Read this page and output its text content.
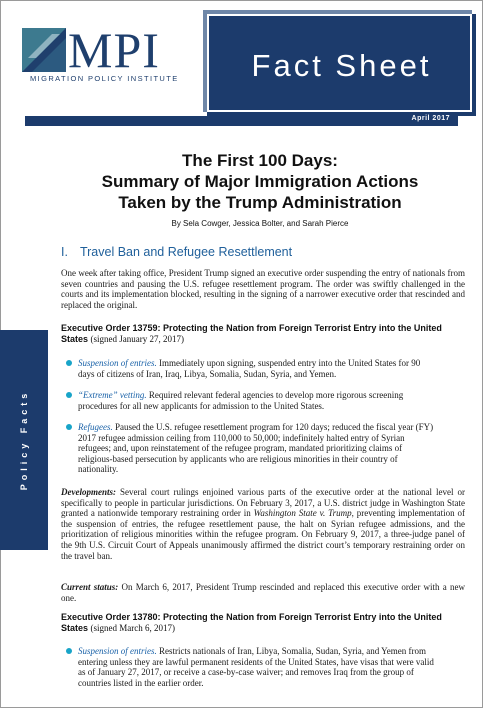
MPI
MIGRATION POLICY INSTITUTE	Fact Sheet
April 2017
Policy Facts
The First 100 Days:
Summary of Major Immigration Actions
Taken by the Trump Administration
By Sela Cowger, Jessica Bolter, and Sarah Pierce
I. Travel Ban and Refugee Resettlement
One week after taking office, President Trump signed an executive order suspending the entry of nationals from seven countries and pausing the U.S. refugee resettlement program. The order was swiftly challenged in the courts and its implementation blocked, resulting in the signing of a narrower executive order that rescinded and replaced the original.
Executive Order 13759: Protecting the Nation from Foreign Terrorist Entry into the United States (signed January 27, 2017)
Suspension of entries. Immediately upon signing, suspended entry into the United States for 90 days of citizens of Iran, Iraq, Libya, Somalia, Sudan, Syria, and Yemen.
“Extreme” vetting. Required relevant federal agencies to develop more rigorous screening procedures for all new applicants for admission to the United States.
Refugees. Paused the U.S. refugee resettlement program for 120 days; reduced the fiscal year (FY) 2017 refugee admission ceiling from 110,000 to 50,000; indefinitely halted entry of Syrian refugees; and, upon reinstatement of the refugee program, mandated prioritizing claims of religious-based persecution by applicants who are religious minorities in their country of nationality.
Developments: Several court rulings enjoined various parts of the executive order at the national level or specifically to people in particular jurisdictions. On February 3, 2017, a U.S. district judge in Washington State granted a nationwide temporary restraining order in Washington State v. Trump, preventing implementation of the suspension of entries, the refugee resettlement pause, the halt on Syrian refugee admissions, and the prioritization of religious minorities within the refugee program. On February 9, 2017, a three-judge panel of the 9th U.S. Circuit Court of Appeals unanimously affirmed the district court’s temporary restraining order on the travel ban.
Current status: On March 6, 2017, President Trump rescinded and replaced this executive order with a new one.
Executive Order 13780: Protecting the Nation from Foreign Terrorist Entry into the United States (signed March 6, 2017)
Suspension of entries. Restricts nationals of Iran, Libya, Somalia, Sudan, Syria, and Yemen from entering unless they are lawful permanent residents of the United States, have visas that were valid as of January 27, 2017, or receive a case-by-case waiver; and removes Iraq from the group of countries listed in the earlier order.
